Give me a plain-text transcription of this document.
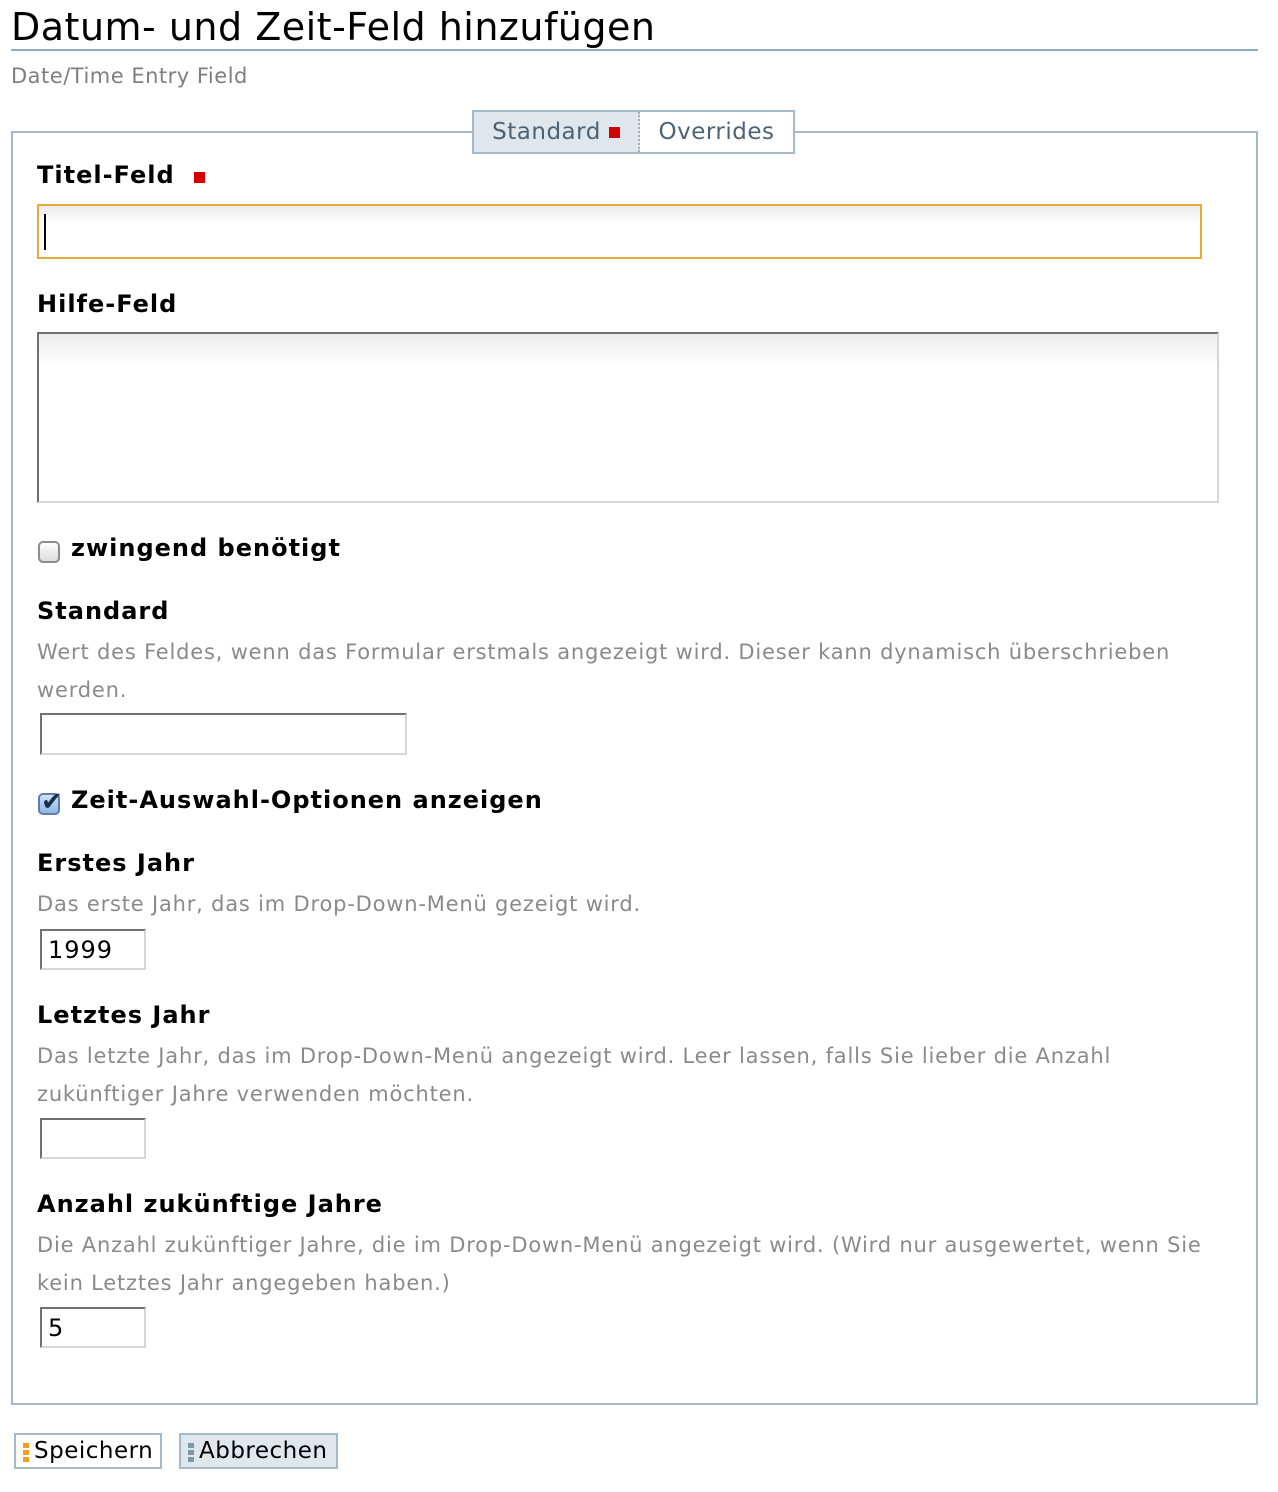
Datum- und Zeit-Feld hinzufügen
Date/Time Entry Field
Standard	Overrides
Titel-Feld
Hilfe-Feld
zwingend benötigt
Standard
Wert des Feldes, wenn das Formular erstmals angezeigt wird. Dieser kann dynamisch überschrieben werden.
✔ Zeit-Auswahl-Optionen anzeigen
Erstes Jahr
Das erste Jahr, das im Drop-Down-Menü gezeigt wird.
1999
Letztes Jahr
Das letzte Jahr, das im Drop-Down-Menü angezeigt wird. Leer lassen, falls Sie lieber die Anzahl zukünftiger Jahre verwenden möchten.
Anzahl zukünftige Jahre
Die Anzahl zukünftiger Jahre, die im Drop-Down-Menü angezeigt wird. (Wird nur ausgewertet, wenn Sie kein Letztes Jahr angegeben haben.)
5
Speichern Abbrechen
